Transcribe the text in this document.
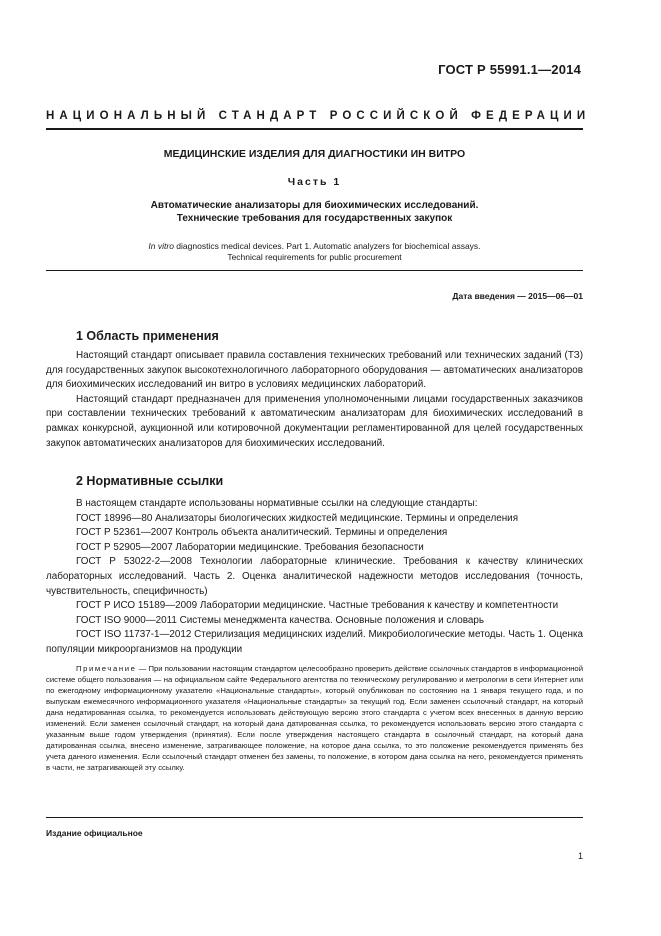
ГОСТ Р 55991.1—2014
НАЦИОНАЛЬНЫЙ СТАНДАРТ РОССИЙСКОЙ ФЕДЕРАЦИИ
МЕДИЦИНСКИЕ ИЗДЕЛИЯ ДЛЯ ДИАГНОСТИКИ ИН ВИТРО
Часть 1
Автоматические анализаторы для биохимических исследований.
Технические требования для государственных закупок
In vitro diagnostics medical devices. Part 1. Automatic analyzers for biochemical assays.
Technical requirements for public procurement
Дата введения — 2015—06—01
1 Область применения

Настоящий стандарт описывает правила составления технических требований или технических заданий (ТЗ) для государственных закупок высокотехнологичного лабораторного оборудования — автоматических анализаторов для биохимических исследований ин витро в условиях медицинских лабораторий.

Настоящий стандарт предназначен для применения уполномоченными лицами государственных заказчиков при составлении технических требований к автоматическим анализаторам для биохимических исследований в рамках конкурсной, аукционной или котировочной документации регламентированной для целей государственных закупок автоматических анализаторов для биохимических исследований.

2 Нормативные ссылки

В настоящем стандарте использованы нормативные ссылки на следующие стандарты:

ГОСТ 18996—80 Анализаторы биологических жидкостей медицинские. Термины и определения

ГОСТ Р 52361—2007 Контроль объекта аналитический. Термины и определения

ГОСТ Р 52905—2007 Лаборатории медицинские. Требования безопасности

ГОСТ Р 53022-2—2008 Технологии лабораторные клинические. Требования к качеству клинических лабораторных исследований. Часть 2. Оценка аналитической надежности методов исследования (точность, чувствительность, специфичность)

ГОСТ Р ИСО 15189—2009 Лаборатории медицинские. Частные требования к качеству и компетентности

ГОСТ ISO 9000—2011 Системы менеджмента качества. Основные положения и словарь

ГОСТ ISO 11737-1—2012 Стерилизация медицинских изделий. Микробиологические методы. Часть 1. Оценка популяции микроорганизмов на продукции

Примечание — При пользовании настоящим стандартом целесообразно проверить действие ссылочных стандартов в информационной системе общего пользования — на официальном сайте Федерального агентства по техническому регулированию и метрологии в сети Интернет или по ежегодному информационному указателю «Национальные стандарты», который опубликован по состоянию на 1 января текущего года, и по выпускам ежемесячного информационного указателя «Национальные стандарты» за текущий год. Если заменен ссылочный стандарт, на который дана недатированная ссылка, то рекомендуется использовать действующую версию этого стандарта с учетом всех внесенных в данную версию изменений. Если заменен ссылочный стандарт, на который дана датированная ссылка, то рекомендуется использовать версию этого стандарта с указанным выше годом утверждения (принятия). Если после утверждения настоящего стандарта в ссылочный стандарт, на который дана датированная ссылка, внесено изменение, затрагивающее положение, на которое дана ссылка, то это положение рекомендуется применять без учета данного изменения. Если ссылочный стандарт отменен без замены, то положение, в котором дана ссылка на него, рекомендуется применять в части, не затрагивающей эту ссылку.
Издание официальное
1
